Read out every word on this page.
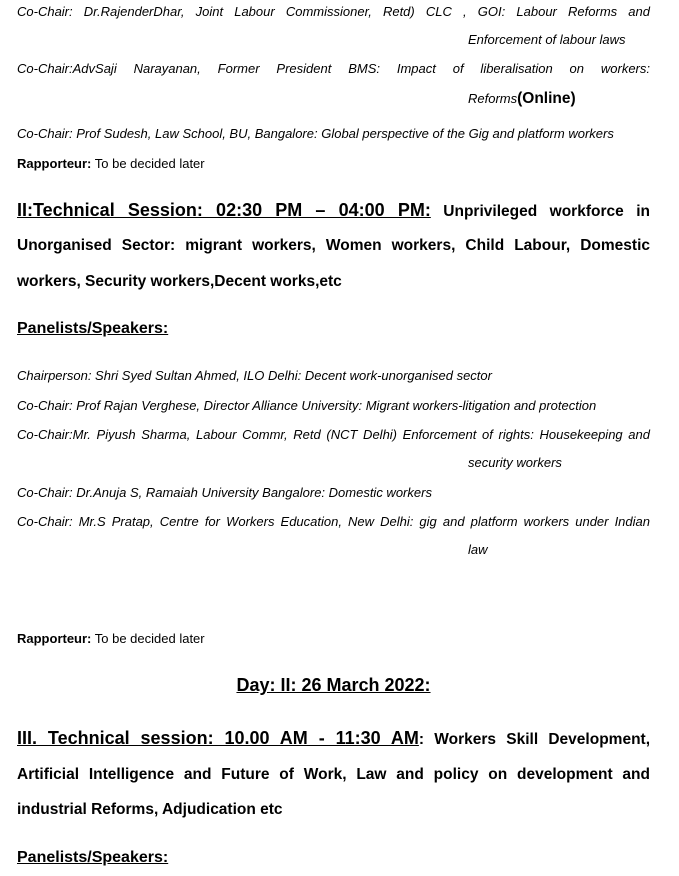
Co-Chair: Dr.RajenderDhar, Joint Labour Commissioner, Retd) CLC , GOI: Labour Reforms and
Enforcement of labour laws
Co-Chair:AdvSaji Narayanan, Former President BMS: Impact of liberalisation on workers:
Reforms(Online)
Co-Chair: Prof Sudesh, Law School, BU, Bangalore: Global perspective of the Gig and platform workers
Rapporteur: To be decided later
II:Technical Session: 02:30 PM – 04:00 PM: Unprivileged workforce in
Unorganised Sector: migrant workers, Women workers, Child Labour, Domestic
workers, Security workers,Decent works,etc
Panelists/Speakers:
Chairperson: Shri Syed Sultan Ahmed, ILO Delhi: Decent work-unorganised sector
Co-Chair: Prof Rajan Verghese, Director Alliance University: Migrant workers-litigation and protection
Co-Chair:Mr. Piyush Sharma, Labour Commr, Retd (NCT Delhi) Enforcement of rights: Housekeeping and
security workers
Co-Chair: Dr.Anuja S, Ramaiah University Bangalore: Domestic workers
Co-Chair: Mr.S Pratap, Centre for Workers Education, New Delhi: gig and platform workers under Indian
law
Rapporteur: To be decided later
Day: II: 26 March 2022:
III. Technical session: 10.00 AM - 11:30 AM: Workers Skill Development,
Artificial Intelligence and Future of Work, Law and policy on development and
industrial Reforms, Adjudication etc
Panelists/Speakers:
